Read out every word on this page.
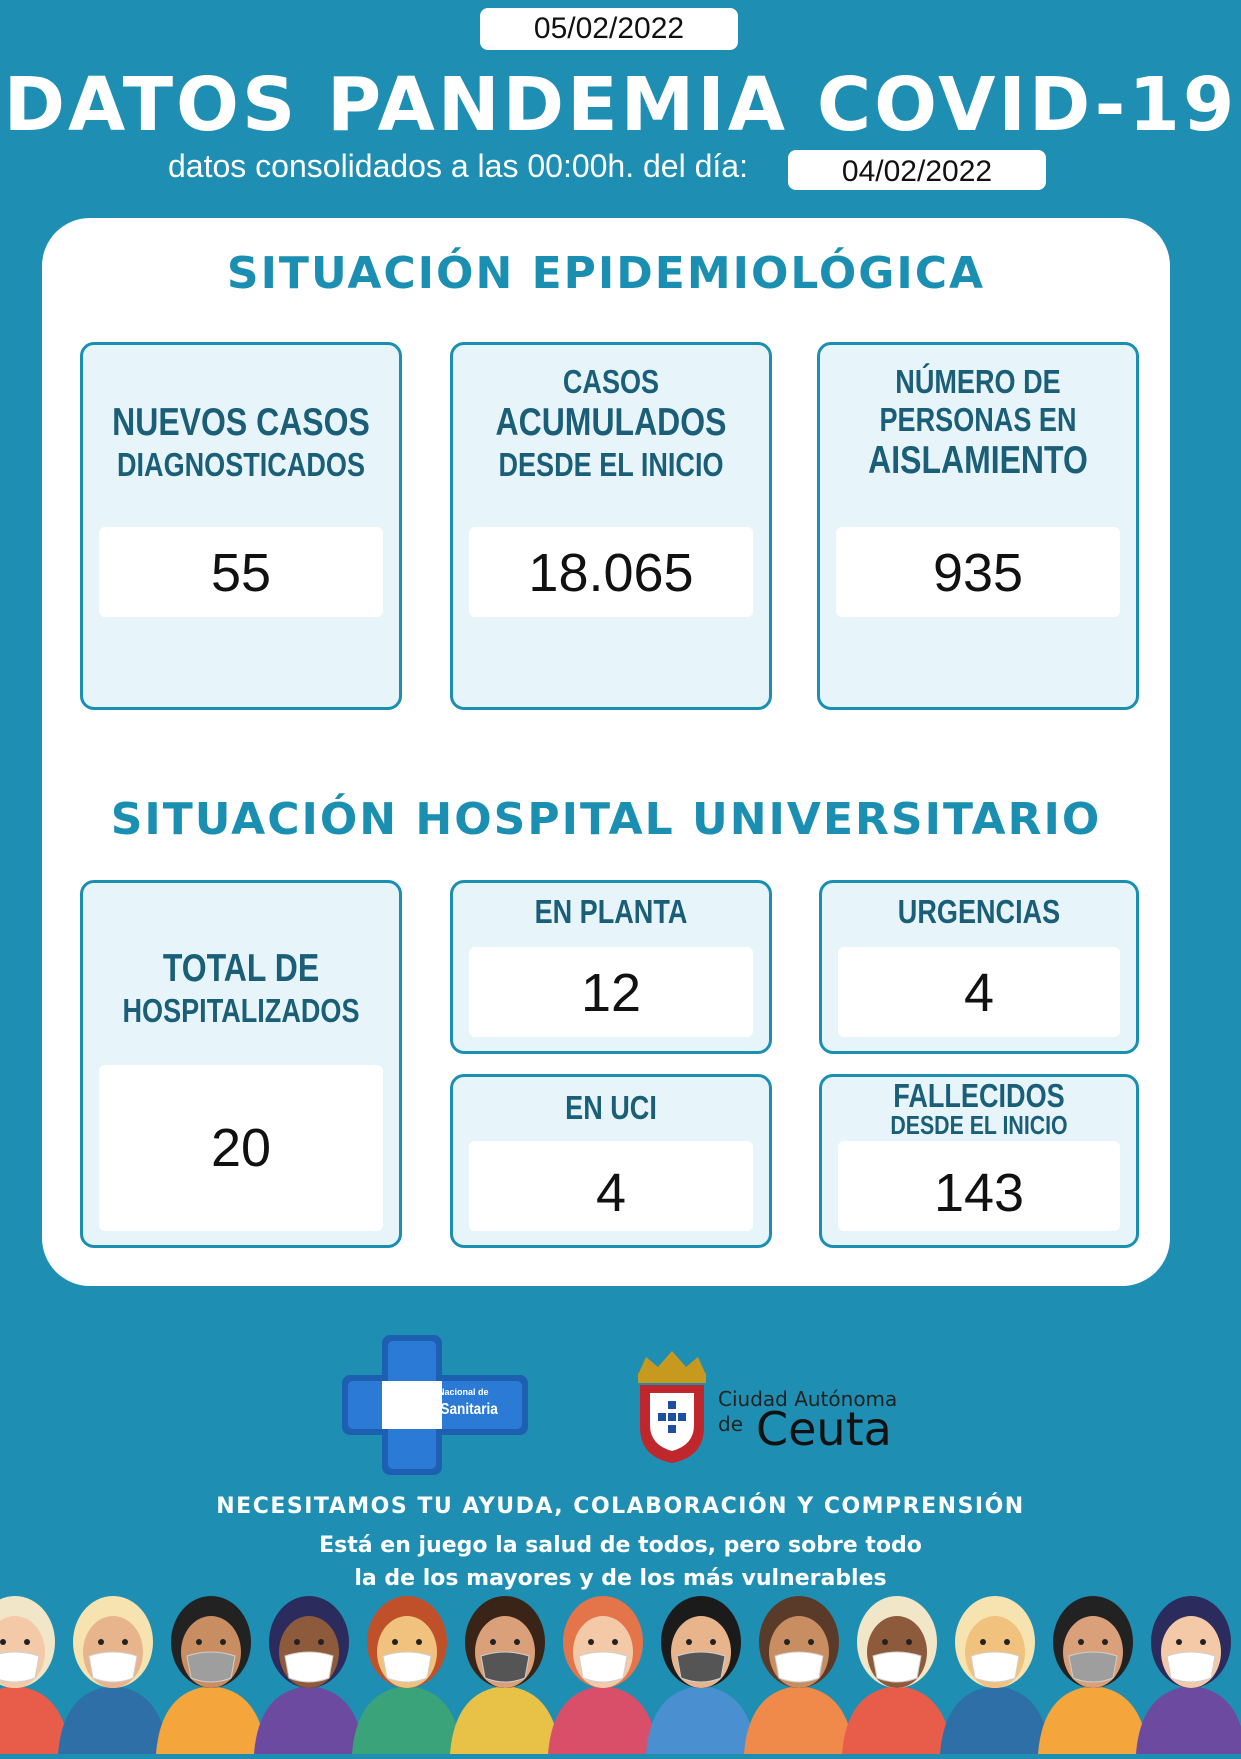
05/02/2022
DATOS PANDEMIA COVID-19
datos consolidados a las 00:00h. del día:	04/02/2022
SITUACIÓN EPIDEMIOLÓGICA
NUEVOS CASOS
DIAGNOSTICADOS
55
CASOS
ACUMULADOS
DESDE EL INICIO
18.065
NÚMERO DE
PERSONAS EN
AISLAMIENTO
935
SITUACIÓN HOSPITAL UNIVERSITARIO
TOTAL DE
HOSPITALIZADOS
20
EN PLANTA
12
URGENCIAS
4
EN UCI
4
FALLECIDOS
DESDE EL INICIO
143
Instituto Nacional de
Gestión Sanitaria	Ciudad Autónoma
de Ceuta
NECESITAMOS TU AYUDA, COLABORACIÓN Y COMPRENSIÓN
Está en juego la salud de todos, pero sobre todo
la de los mayores y de los más vulnerables
